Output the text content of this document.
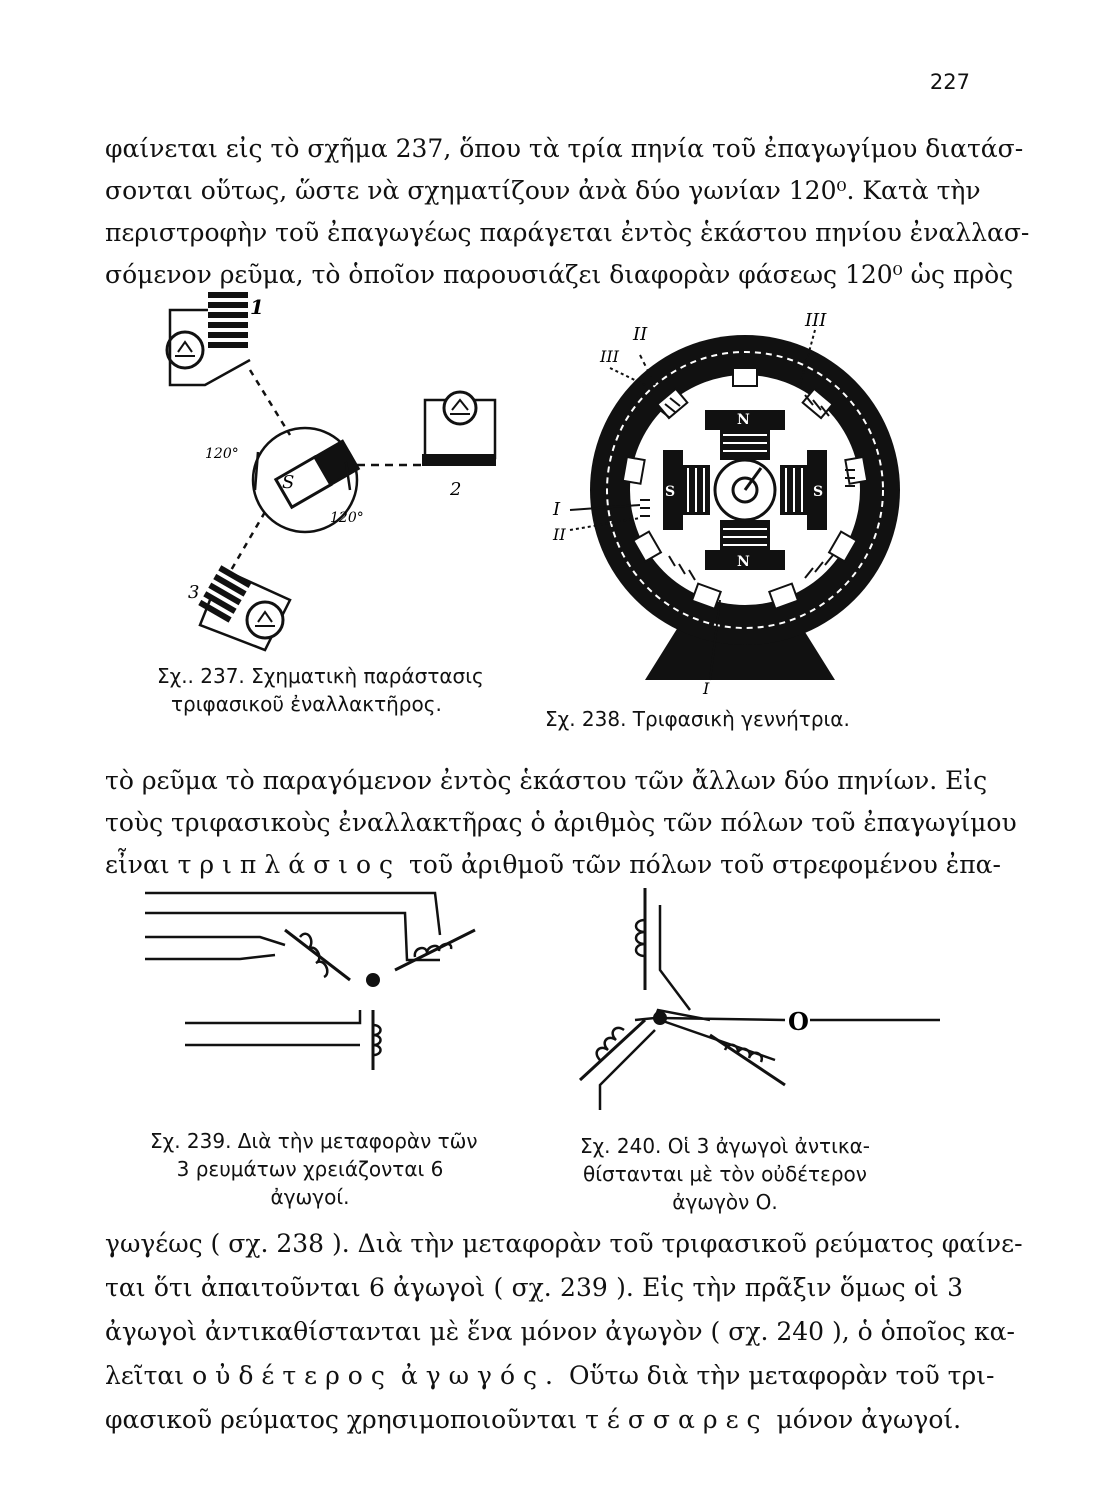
227
φαίνεται εἰς τὸ σχῆμα 237, ὅπου τὰ τρία πηνία τοῦ ἐπαγωγίμου διατάσ-
σονται οὕτως, ὥστε νὰ σχηματίζουν ἀνὰ δύο γωνίαν 120⁰. Κατὰ τὴν
περιστροφὴν τοῦ ἐπαγωγέως παράγεται ἐντὸς ἑκάστου πηνίου ἐναλλασ-
σόμενον ρεῦμα, τὸ ὁποῖον παρουσιάζει διαφορὰν φάσεως 120⁰ ὡς πρὸς
1
2
3
S
120°
120°
Σχ.. 237. Σχηματικὴ παράστασις
τριφασικοῦ ἐναλλακτῆρος.
II
III
III
I
II
I
N
N
S	S
Σχ. 238. Τριφασικὴ γεννήτρια.
τὸ ρεῦμα τὸ παραγόμενον ἐντὸς ἑκάστου τῶν ἄλλων δύο πηνίων. Εἰς
τοὺς τριφασικοὺς ἐναλλακτῆρας ὁ ἀριθμὸς τῶν πόλων τοῦ ἐπαγωγίμου
εἶναι τριπλάσιος τοῦ ἀριθμοῦ τῶν πόλων τοῦ στρεφομένου ἐπα-
Σχ. 239. Διὰ τὴν μεταφορὰν τῶν
3 ρευμάτων χρειάζονται 6
ἀγωγοί.
O
Σχ. 240. Οἱ 3 ἀγωγοὶ ἀντικα-
θίστανται μὲ τὸν οὐδέτερον
ἀγωγὸν Ο.
γωγέως ( σχ. 238 ). Διὰ τὴν μεταφορὰν τοῦ τριφασικοῦ ρεύματος φαίνε-
ται ὅτι ἀπαιτοῦνται 6 ἀγωγοὶ ( σχ. 239 ). Εἰς τὴν πρᾶξιν ὅμως οἱ 3
ἀγωγοὶ ἀντικαθίστανται μὲ ἕνα μόνον ἀγωγὸν ( σχ. 240 ), ὁ ὁποῖος κα-
λεῖται οὐδέτερος ἀγωγός. Οὕτω διὰ τὴν μεταφορὰν τοῦ τρι-
φασικοῦ ρεύματος χρησιμοποιοῦνται τέσσαρες μόνον ἀγωγοί.
